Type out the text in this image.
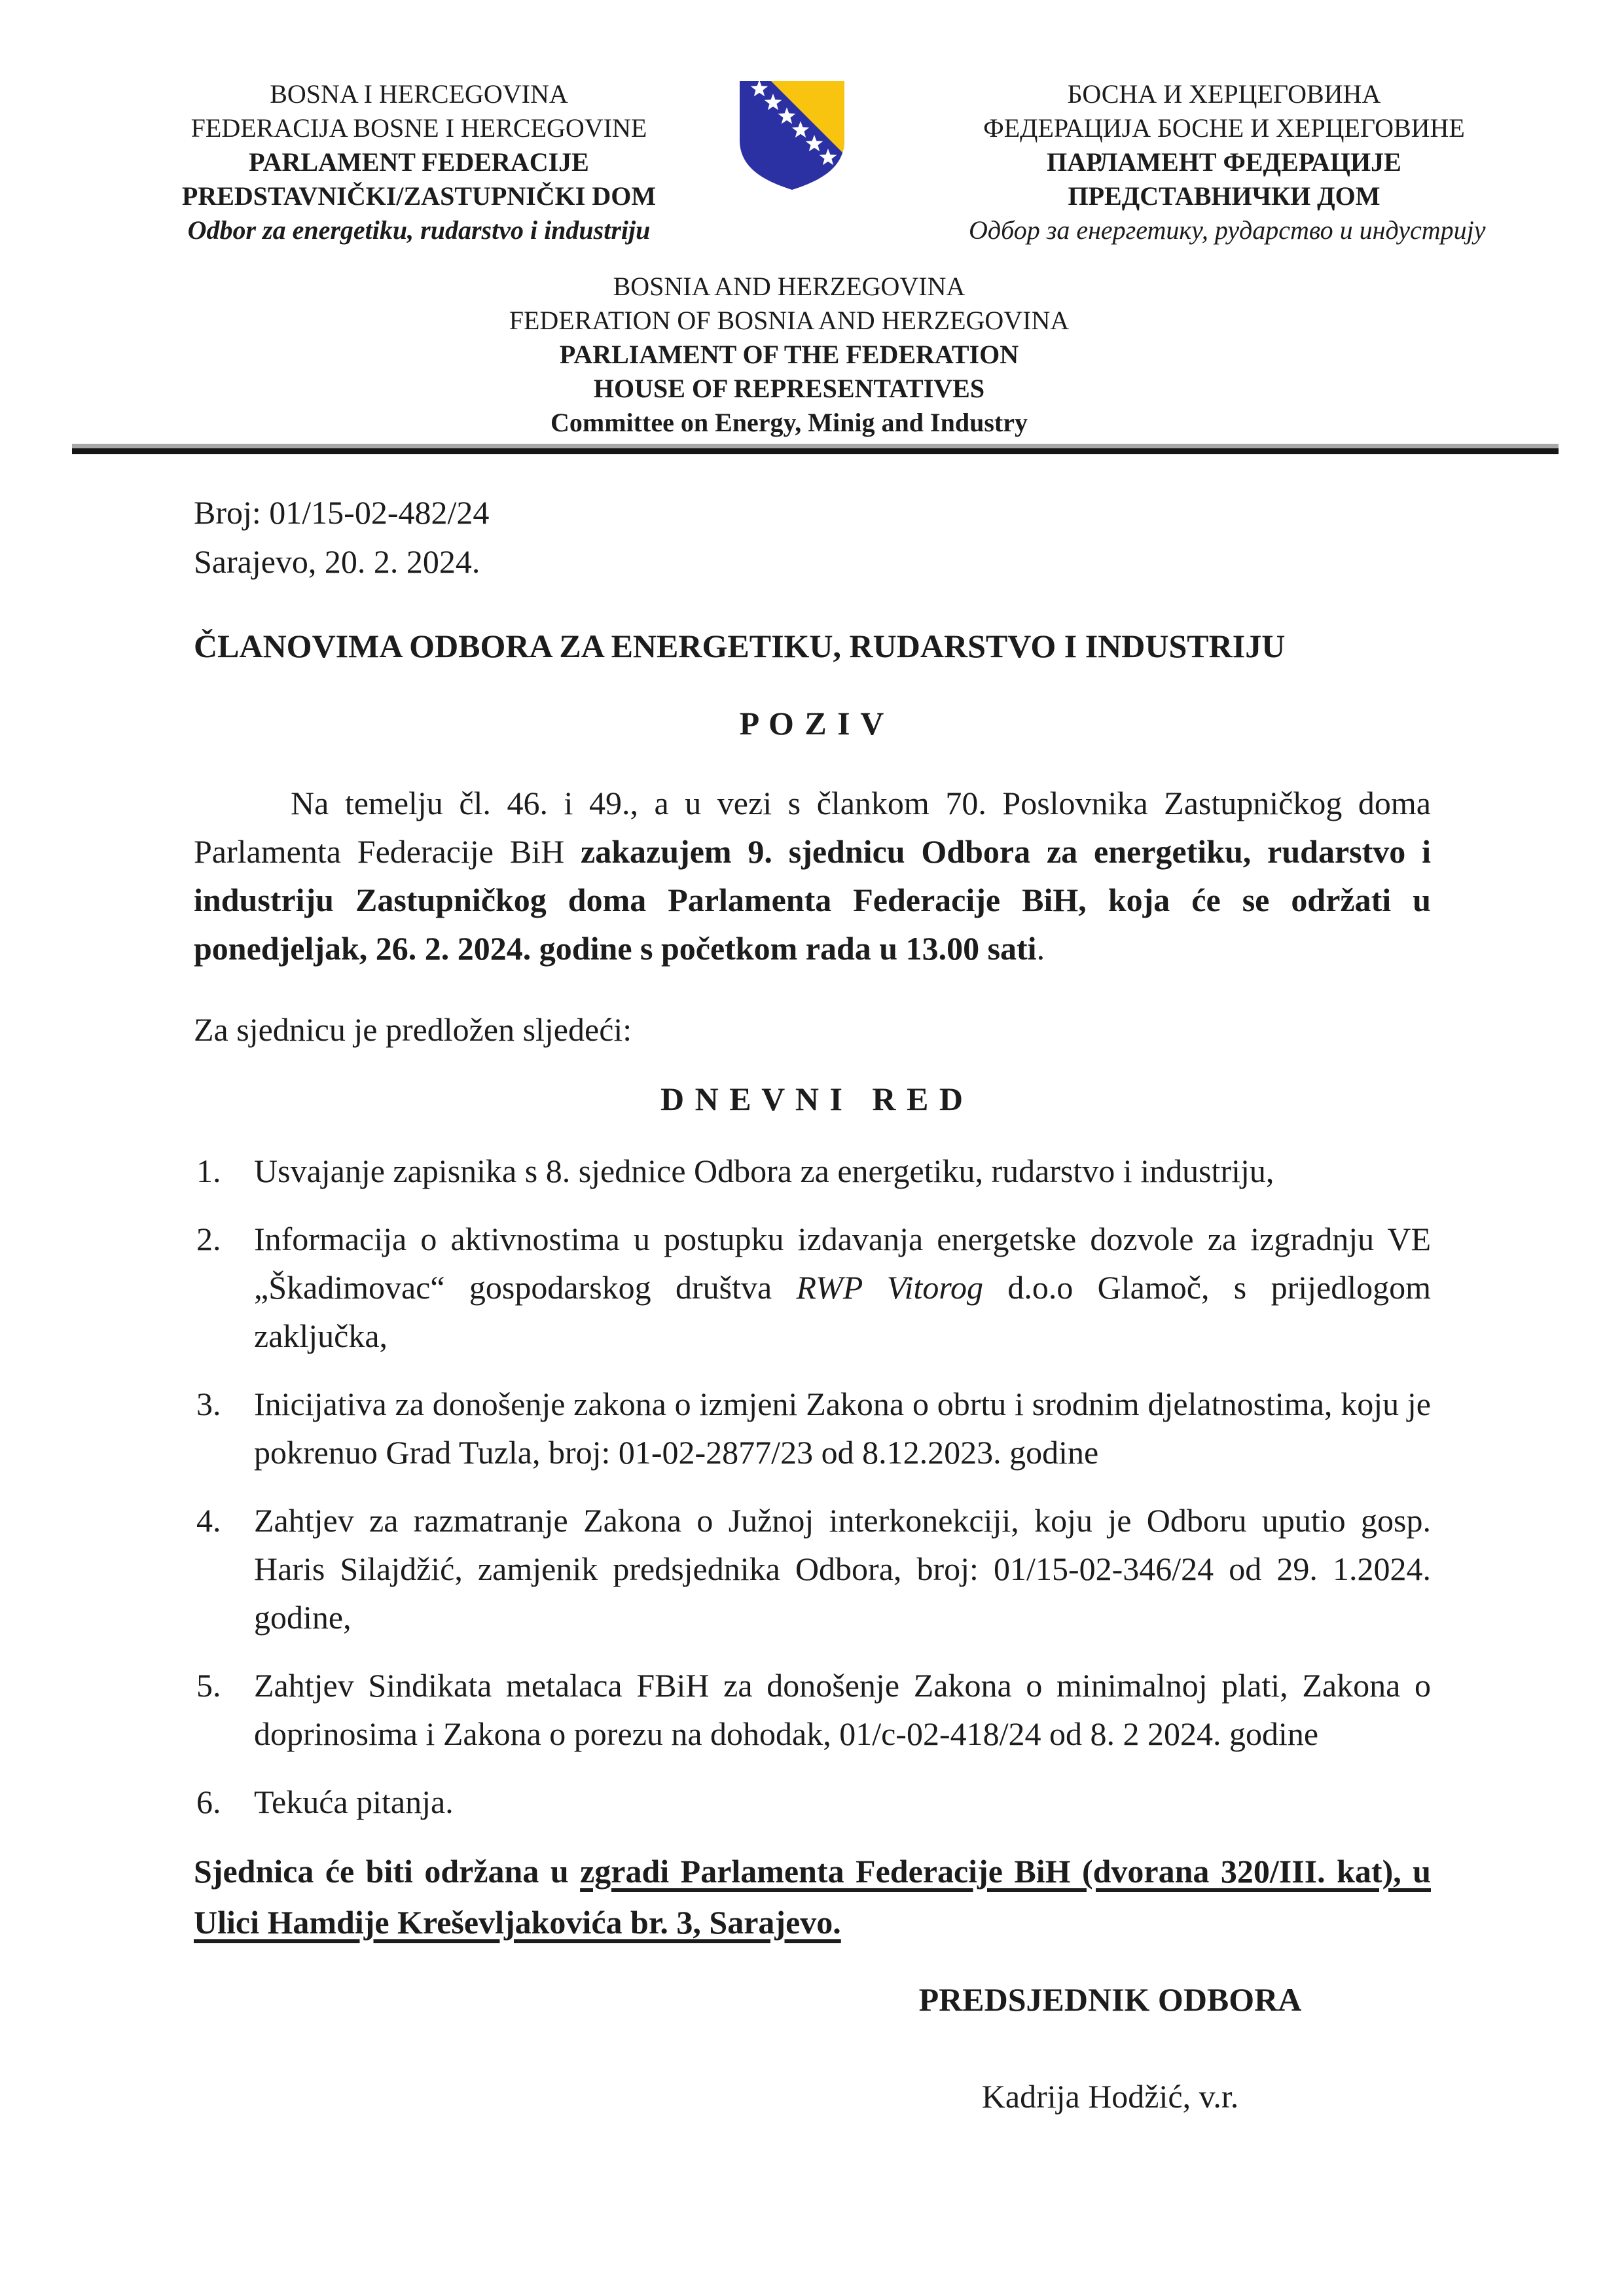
BOSNA I HERCEGOVINA
FEDERACIJA BOSNE I HERCEGOVINE
PARLAMENT FEDERACIJE
PREDSTAVNIČKI/ZASTUPNIČKI DOM
Odbor za energetiku, rudarstvo i industriju
БОСНА И ХЕРЦЕГОВИНА
ФЕДЕРАЦИЈА БОСНЕ И ХЕРЦЕГОВИНЕ
ПАРЛАМЕНТ ФЕДЕРАЦИЈЕ
ПРЕДСТАВНИЧКИ ДОМ
Одбор за енергетику, рударство и индустрију
BOSNIA AND HERZEGOVINA
FEDERATION OF BOSNIA AND HERZEGOVINA
PARLIAMENT OF THE FEDERATION
HOUSE OF REPRESENTATIVES
Committee on Energy, Minig and Industry
Broj: 01/15-02-482/24
Sarajevo, 20. 2. 2024.
ČLANOVIMA ODBORA ZA ENERGETIKU, RUDARSTVO I INDUSTRIJU
P O Z I V

Na temelju čl. 46. i 49., a u vezi s člankom 70. Poslovnika Zastupničkog doma Parlamenta Federacije BiH zakazujem 9. sjednicu Odbora za energetiku, rudarstvo i industriju Zastupničkog doma Parlamenta Federacije BiH, koja će se održati u ponedjeljak, 26. 2. 2024. godine s početkom rada u 13.00 sati.

Za sjednicu je predložen sljedeći:
D N E V N I   R E D
1. Usvajanje zapisnika s 8. sjednice Odbora za energetiku, rudarstvo i industriju,
2. Informacija o aktivnostima u postupku izdavanja energetske dozvole za izgradnju VE „Škadimovac“ gospodarskog društva RWP Vitorog d.o.o Glamoč, s prijedlogom zaključka,
3. Inicijativa za donošenje zakona o izmjeni Zakona o obrtu i srodnim djelatnostima, koju je pokrenuo Grad Tuzla, broj: 01-02-2877/23 od 8.12.2023. godine
4. Zahtjev za razmatranje Zakona o Južnoj interkonekciji, koju je Odboru uputio gosp. Haris Silajdžić, zamjenik predsjednika Odbora, broj: 01/15-02-346/24 od 29. 1.2024. godine,
5. Zahtjev Sindikata metalaca FBiH za donošenje Zakona o minimalnoj plati, Zakona o doprinosima i Zakona o porezu na dohodak, 01/c-02-418/24 od 8. 2 2024. godine
6. Tekuća pitanja.

Sjednica će biti održana u zgradi Parlamenta Federacije BiH (dvorana 320/III. kat), u Ulici Hamdije Kreševljakovića br. 3, Sarajevo.

PREDSJEDNIK ODBORA
Kadrija Hodžić, v.r.
